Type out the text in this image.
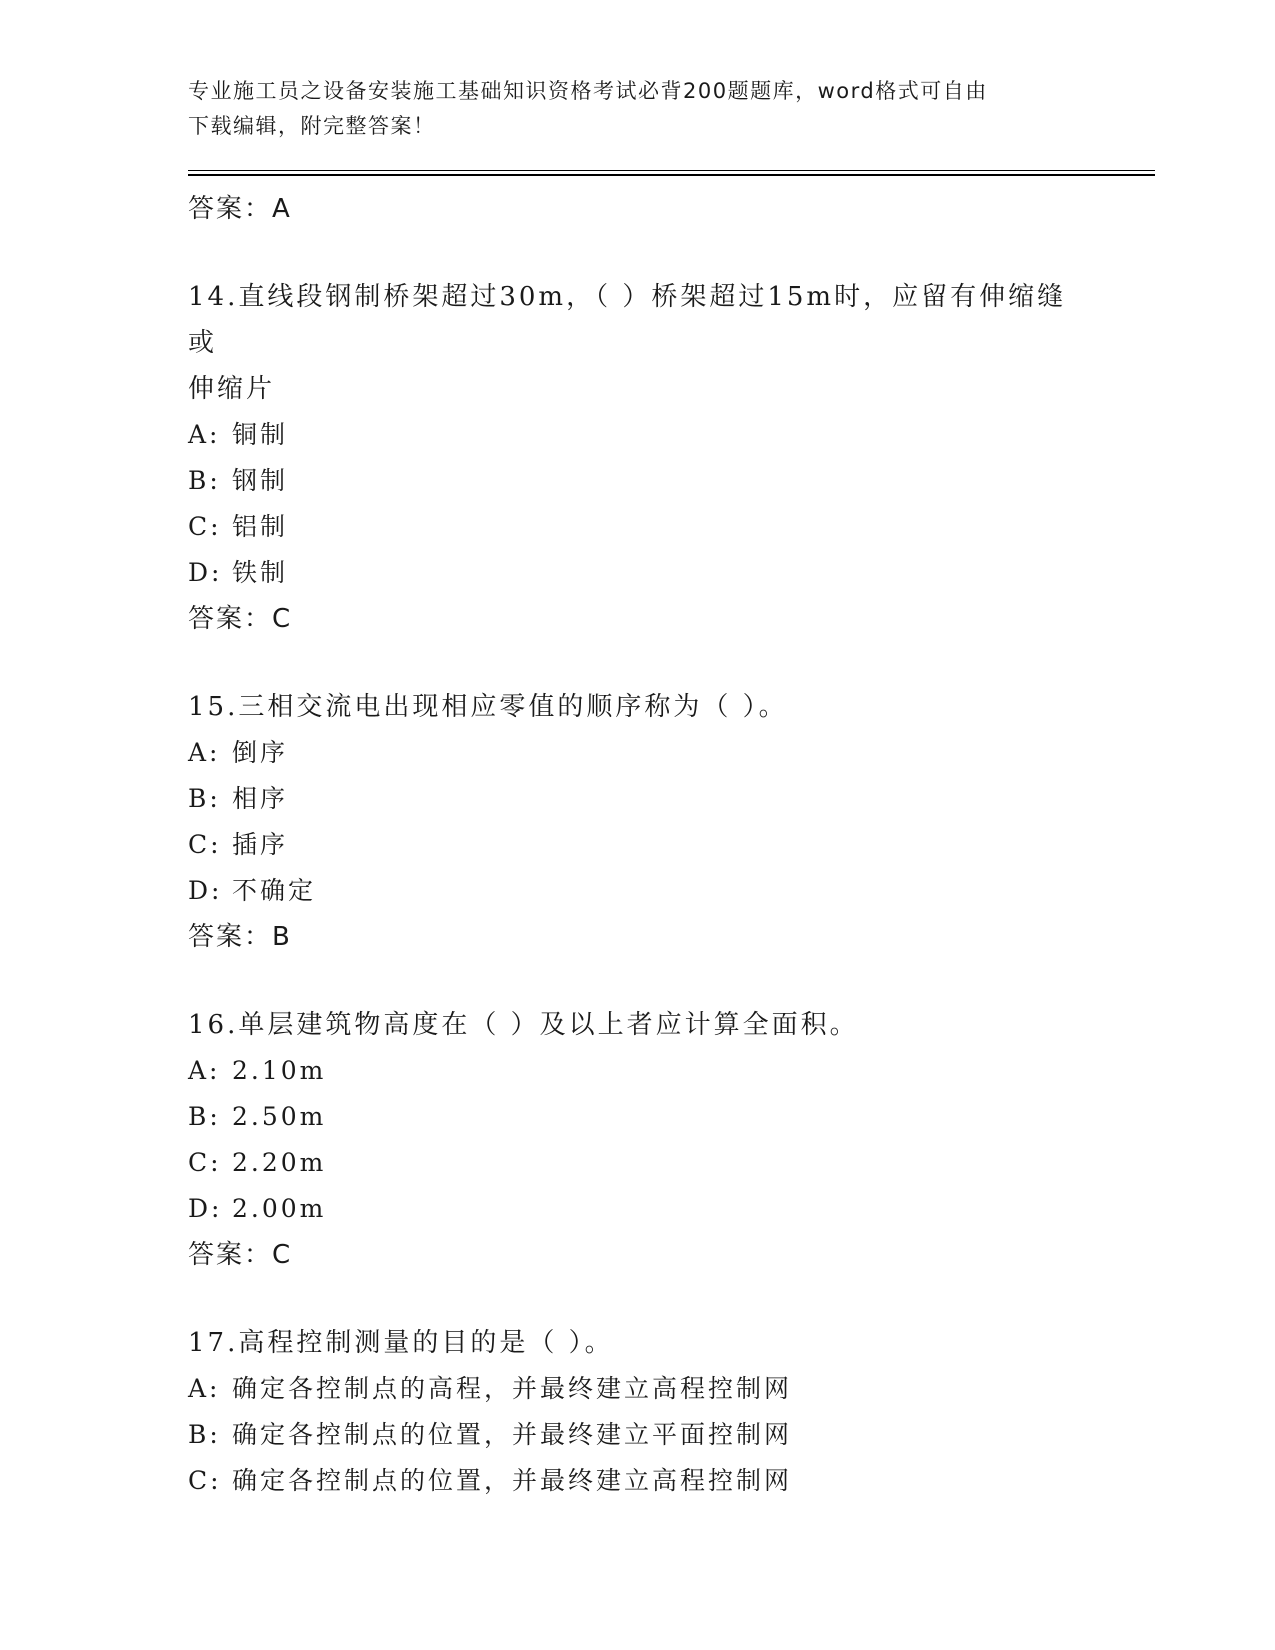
专业施工员之设备安装施工基础知识资格考试必背200题题库，word格式可自由
下载编辑，附完整答案！
答案：A
14.直线段钢制桥架超过30m，（ ）桥架超过15m时，应留有伸缩缝或
伸缩片
A: 铜制
B: 钢制
C: 铝制
D: 铁制
答案：C
15.三相交流电出现相应零值的顺序称为（ ）。
A: 倒序
B: 相序
C: 插序
D: 不确定
答案：B
16.单层建筑物高度在（ ）及以上者应计算全面积。
A: 2.10m
B: 2.50m
C: 2.20m
D: 2.00m
答案：C
17.高程控制测量的目的是（ ）。
A: 确定各控制点的高程，并最终建立高程控制网
B: 确定各控制点的位置，并最终建立平面控制网
C: 确定各控制点的位置，并最终建立高程控制网
